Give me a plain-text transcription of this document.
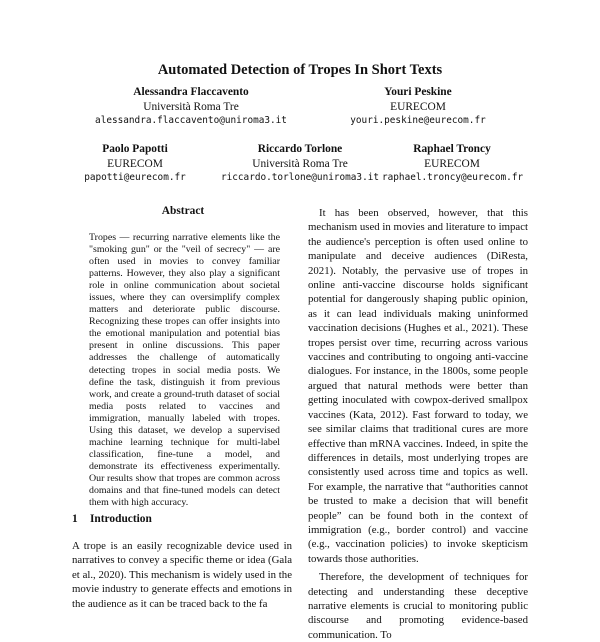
Automated Detection of Tropes In Short Texts
Alessandra Flaccavento
Università Roma Tre
alessandra.flaccavento@uniroma3.it
Youri Peskine
EURECOM
youri.peskine@eurecom.fr
Paolo Papotti
EURECOM
papotti@eurecom.fr
Riccardo Torlone
Università Roma Tre
riccardo.torlone@uniroma3.it
Raphael Troncy
EURECOM
raphael.troncy@eurecom.fr
Abstract
Tropes — recurring narrative elements like the "smoking gun" or the "veil of secrecy" — are often used in movies to convey familiar patterns. However, they also play a significant role in online communication about societal issues, where they can oversimplify complex matters and deteriorate public discourse. Recognizing these tropes can offer insights into the emotional manipulation and potential bias present in online discussions. This paper addresses the challenge of automatically detecting tropes in social media posts. We define the task, distinguish it from previous work, and create a ground-truth dataset of social media posts related to vaccines and immigration, manually labeled with tropes. Using this dataset, we develop a supervised machine learning technique for multi-label classification, fine-tune a model, and demonstrate its effectiveness experimentally. Our results show that tropes are common across domains and that fine-tuned models can detect them with high accuracy.
1 Introduction
A trope is an easily recognizable device used in narratives to convey a specific theme or idea (Gala et al., 2020). This mechanism is widely used in the movie industry to generate effects and emotions in the audience as it can be traced back to the fa

It has been observed, however, that this mechanism used in movies and literature to impact the audience's perception is often used online to manipulate and deceive audiences (DiResta, 2021). Notably, the pervasive use of tropes in online anti-vaccine discourse holds significant potential for dangerously shaping public opinion, as it can lead individuals making uninformed vaccination decisions (Hughes et al., 2021). These tropes persist over time, recurring across various vaccines and contributing to ongoing anti-vaccine dialogues. For instance, in the 1800s, some people argued that natural methods were better than getting inoculated with cowpox-derived smallpox vaccines (Kata, 2012). Fast forward to today, we see similar claims that traditional cures are more effective than mRNA vaccines. Indeed, in spite the differences in details, most underlying tropes are consistently used across time and topics as well. For example, the narrative that “authorities cannot be trusted to make a decision that will benefit people” can be found both in the context of immigration (e.g., border control) and vaccine (e.g., vaccination policies) to invoke skepticism towards those authorities.

Therefore, the development of techniques for detecting and understanding these deceptive narrative elements is crucial to monitoring public discourse and promoting evidence-based communication. To
